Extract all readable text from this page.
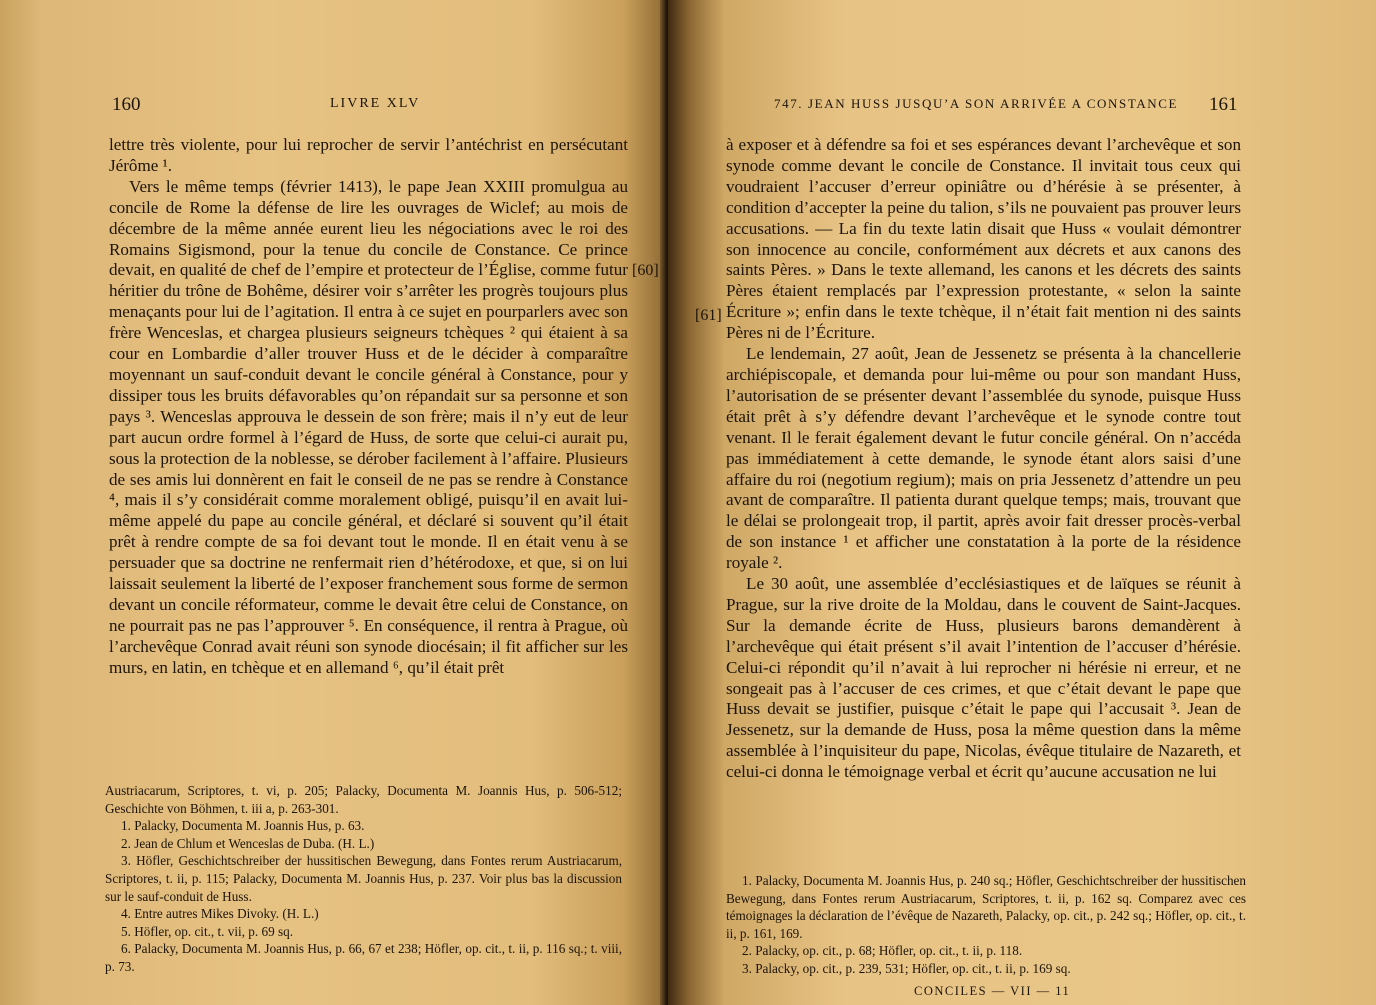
160	LIVRE XLV
[60]

lettre très violente, pour lui reprocher de servir l’antéchrist en persécutant Jérôme ¹.

Vers le même temps (février 1413), le pape Jean XXIII promulgua au concile de Rome la défense de lire les ouvrages de Wiclef; au mois de décembre de la même année eurent lieu les négociations avec le roi des Romains Sigismond, pour la tenue du concile de Constance. Ce prince devait, en qualité de chef de l’empire et protecteur de l’Église, comme futur héritier du trône de Bohême, désirer voir s’arrêter les progrès toujours plus menaçants pour lui de l’agitation. Il entra à ce sujet en pourparlers avec son frère Wenceslas, et chargea plusieurs seigneurs tchèques ² qui étaient à sa cour en Lombardie d’aller trouver Huss et de le décider à comparaître moyennant un sauf-conduit devant le concile général à Constance, pour y dissiper tous les bruits défavorables qu’on répandait sur sa personne et son pays ³. Wenceslas approuva le dessein de son frère; mais il n’y eut de leur part aucun ordre formel à l’égard de Huss, de sorte que celui-ci aurait pu, sous la protection de la noblesse, se dérober facilement à l’affaire. Plusieurs de ses amis lui donnèrent en fait le conseil de ne pas se rendre à Constance ⁴, mais il s’y considérait comme moralement obligé, puisqu’il en avait lui-même appelé du pape au concile général, et déclaré si souvent qu’il était prêt à rendre compte de sa foi devant tout le monde. Il en était venu à se persuader que sa doctrine ne renfermait rien d’hétérodoxe, et que, si on lui laissait seulement la liberté de l’exposer franchement sous forme de sermon devant un concile réformateur, comme le devait être celui de Constance, on ne pourrait pas ne pas l’approuver ⁵. En conséquence, il rentra à Prague, où l’archevêque Conrad avait réuni son synode diocésain; il fit afficher sur les murs, en latin, en tchèque et en allemand ⁶, qu’il était prêt

Austriacarum, Scriptores, t. vi, p. 205; Palacky, Documenta M. Joannis Hus, p. 506-512; Geschichte von Böhmen, t. iii a, p. 263-301.

1. Palacky, Documenta M. Joannis Hus, p. 63.

2. Jean de Chlum et Wenceslas de Duba. (H. L.)

3. Höfler, Geschichtschreiber der hussitischen Bewegung, dans Fontes rerum Austriacarum, Scriptores, t. ii, p. 115; Palacky, Documenta M. Joannis Hus, p. 237. Voir plus bas la discussion sur le sauf-conduit de Huss.

4. Entre autres Mikes Divoky. (H. L.)

5. Höfler, op. cit., t. vii, p. 69 sq.

6. Palacky, Documenta M. Joannis Hus, p. 66, 67 et 238; Höfler, op. cit., t. ii, p. 116 sq.; t. viii, p. 73.

747. JEAN HUSS JUSQU’A SON ARRIVÉE A CONSTANCE 161
[61]

à exposer et à défendre sa foi et ses espérances devant l’archevêque et son synode comme devant le concile de Constance. Il invitait tous ceux qui voudraient l’accuser d’erreur opiniâtre ou d’hérésie à se présenter, à condition d’accepter la peine du talion, s’ils ne pouvaient pas prouver leurs accusations. — La fin du texte latin disait que Huss « voulait démontrer son innocence au concile, conformément aux décrets et aux canons des saints Pères. » Dans le texte allemand, les canons et les décrets des saints Pères étaient remplacés par l’expression protestante, « selon la sainte Écriture »; enfin dans le texte tchèque, il n’était fait mention ni des saints Pères ni de l’Écriture.

Le lendemain, 27 août, Jean de Jessenetz se présenta à la chancellerie archiépiscopale, et demanda pour lui-même ou pour son mandant Huss, l’autorisation de se présenter devant l’assemblée du synode, puisque Huss était prêt à s’y défendre devant l’archevêque et le synode contre tout venant. Il le ferait également devant le futur concile général. On n’accéda pas immédiatement à cette demande, le synode étant alors saisi d’une affaire du roi (negotium regium); mais on pria Jessenetz d’attendre un peu avant de comparaître. Il patienta durant quelque temps; mais, trouvant que le délai se prolongeait trop, il partit, après avoir fait dresser procès-verbal de son instance ¹ et afficher une constatation à la porte de la résidence royale ².

Le 30 août, une assemblée d’ecclésiastiques et de laïques se réunit à Prague, sur la rive droite de la Moldau, dans le couvent de Saint-Jacques. Sur la demande écrite de Huss, plusieurs barons demandèrent à l’archevêque qui était présent s’il avait l’intention de l’accuser d’hérésie. Celui-ci répondit qu’il n’avait à lui reprocher ni hérésie ni erreur, et ne songeait pas à l’accuser de ces crimes, et que c’était devant le pape que Huss devait se justifier, puisque c’était le pape qui l’accusait ³. Jean de Jessenetz, sur la demande de Huss, posa la même question dans la même assemblée à l’inquisiteur du pape, Nicolas, évêque titulaire de Nazareth, et celui-ci donna le témoignage verbal et écrit qu’aucune accusation ne lui

1. Palacky, Documenta M. Joannis Hus, p. 240 sq.; Höfler, Geschichtschreiber der hussitischen Bewegung, dans Fontes rerum Austriacarum, Scriptores, t. ii, p. 162 sq. Comparez avec ces témoignages la déclaration de l’évêque de Nazareth, Palacky, op. cit., p. 242 sq.; Höfler, op. cit., t. ii, p. 161, 169.

2. Palacky, op. cit., p. 68; Höfler, op. cit., t. ii, p. 118.

3. Palacky, op. cit., p. 239, 531; Höfler, op. cit., t. ii, p. 169 sq.

CONCILES — VII — 11
